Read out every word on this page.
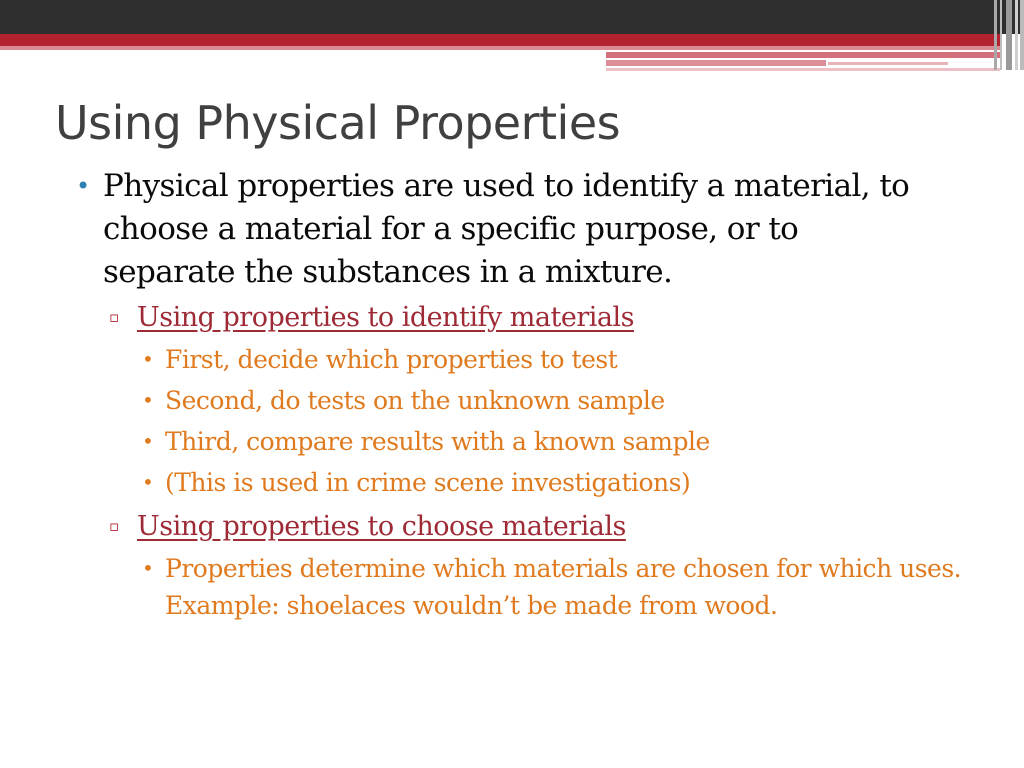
Using Physical Properties
• Physical properties are used to identify a material, to choose a material for a specific purpose, or to separate the substances in a mixture.
▫ Using properties to identify materials
• First, decide which properties to test
• Second, do tests on the unknown sample
• Third, compare results with a known sample
• (This is used in crime scene investigations)
▫ Using properties to choose materials
• Properties determine which materials are chosen for which uses. Example: shoelaces wouldn’t be made from wood.
